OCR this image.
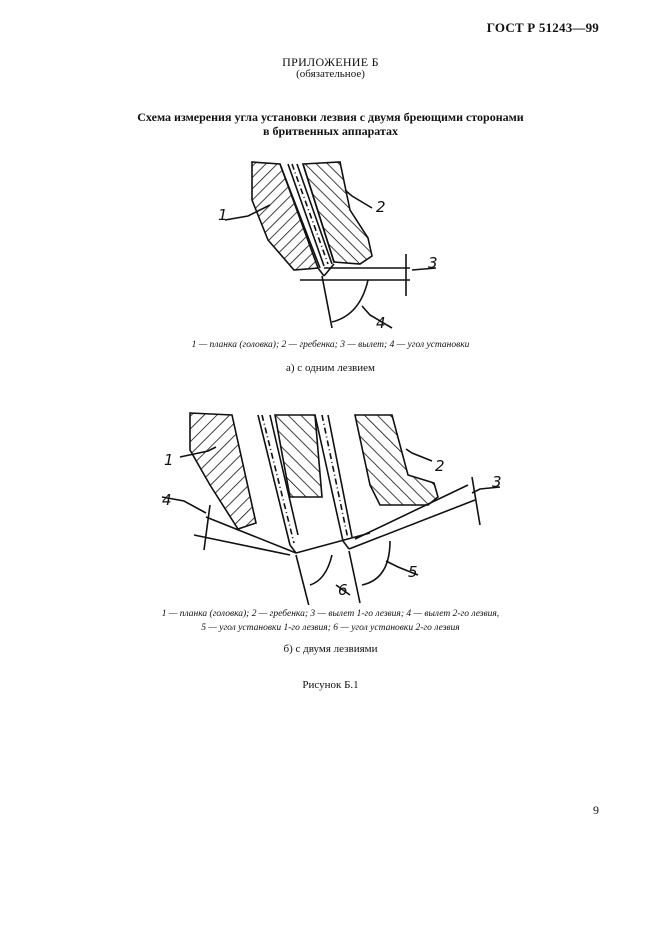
ГОСТ Р 51243—99
ПРИЛОЖЕНИЕ Б
(обязательное)
Схема измерения угла установки лезвия с двумя бреющими сторонами
в бритвенных аппаратах
1	2
3
4
1 — планка (головка); 2 — гребенка; 3 — вылет; 4 — угол установки
а) с одним лезвием
1	2
3
4
5
6
1 — планка (головка); 2 — гребенка; 3 — вылет 1-го лезвия; 4 — вылет 2-го лезвия,
5 — угол установки 1-го лезвия; 6 — угол установки 2-го лезвия
б) с двумя лезвиями
Рисунок Б.1
9
